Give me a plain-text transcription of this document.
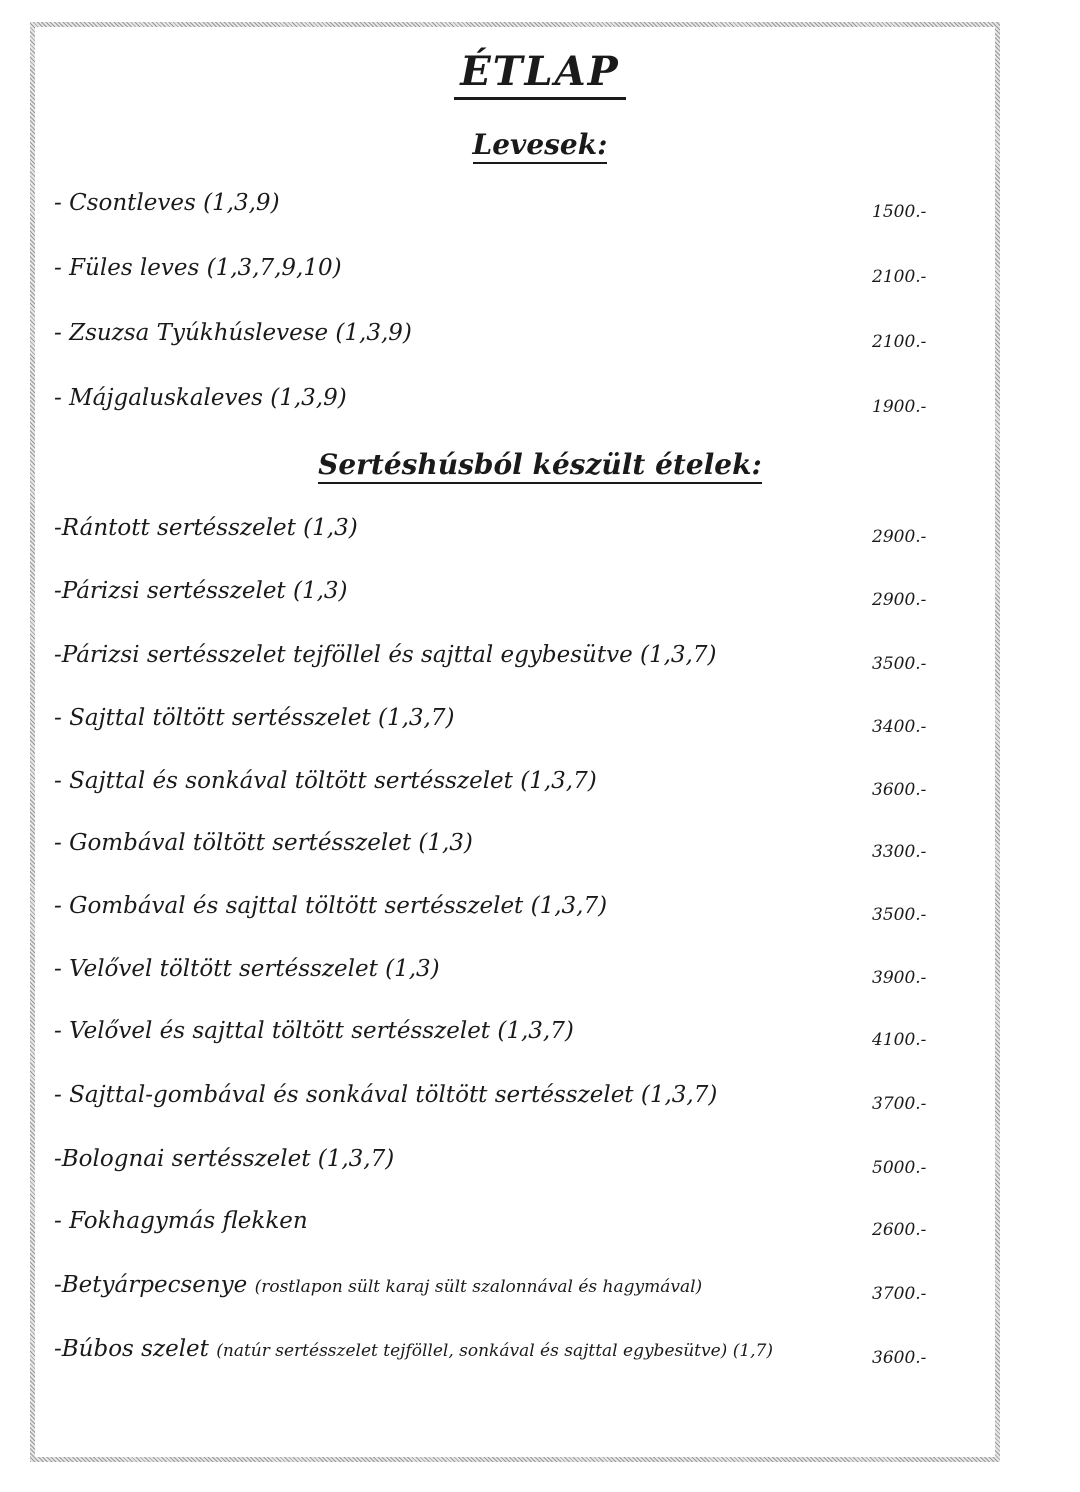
ÉTLAP
Levesek:
- Csontleves (1,3,9)	1500.-
- Füles leves (1,3,7,9,10)	2100.-
- Zsuzsa Tyúkhúslevese (1,3,9)	2100.-
- Májgaluskaleves (1,3,9)	1900.-
Sertéshúsból készült ételek:
-Rántott sertésszelet (1,3)	2900.-
-Párizsi sertésszelet (1,3)	2900.-
-Párizsi sertésszelet tejföllel és sajttal egybesütve (1,3,7)	3500.-
- Sajttal töltött sertésszelet (1,3,7)	3400.-
- Sajttal és sonkával töltött sertésszelet (1,3,7)	3600.-
- Gombával töltött sertésszelet (1,3)	3300.-
- Gombával és sajttal töltött sertésszelet (1,3,7)	3500.-
- Velővel töltött sertésszelet (1,3)	3900.-
- Velővel és sajttal töltött sertésszelet (1,3,7)	4100.-
- Sajttal-gombával és sonkával töltött sertésszelet (1,3,7)	3700.-
-Bolognai sertésszelet (1,3,7)	5000.-
- Fokhagymás flekken	2600.-
-Betyárpecsenye (rostlapon sült karaj sült szalonnával és hagymával)	3700.-
-Búbos szelet (natúr sertésszelet tejföllel, sonkával és sajttal egybesütve) (1,7)	3600.-
